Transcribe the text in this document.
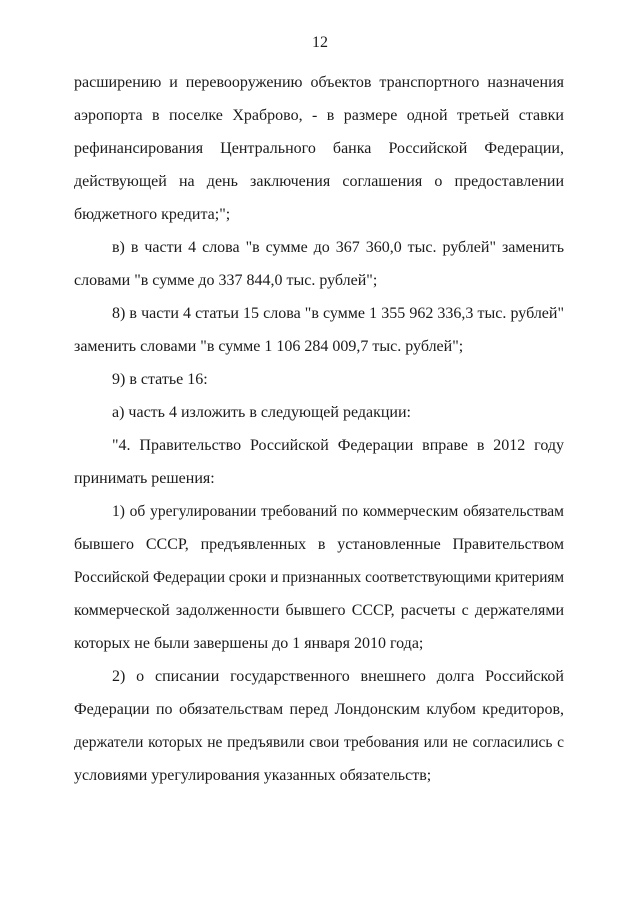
12
расширению и перевооружению объектов транспортного назначения
аэропорта в поселке Храброво, - в размере одной третьей ставки
рефинансирования Центрального банка Российской Федерации,
действующей на день заключения соглашения о предоставлении
бюджетного кредита;";
в) в части 4 слова "в сумме до 367 360,0 тыс. рублей" заменить
словами "в сумме до 337 844,0 тыс. рублей";
8) в части 4 статьи 15 слова "в сумме 1 355 962 336,3 тыс. рублей"
заменить словами "в сумме 1 106 284 009,7 тыс. рублей";
9) в статье 16:
а) часть 4 изложить в следующей редакции:
"4. Правительство Российской Федерации вправе в 2012 году
принимать решения:
1) об урегулировании требований по коммерческим обязательствам
бывшего СССР, предъявленных в установленные Правительством
Российской Федерации сроки и признанных соответствующими критериям
коммерческой задолженности бывшего СССР, расчеты с держателями
которых не были завершены до 1 января 2010 года;
2) о списании государственного внешнего долга Российской
Федерации по обязательствам перед Лондонским клубом кредиторов,
держатели которых не предъявили свои требования или не согласились с
условиями урегулирования указанных обязательств;
